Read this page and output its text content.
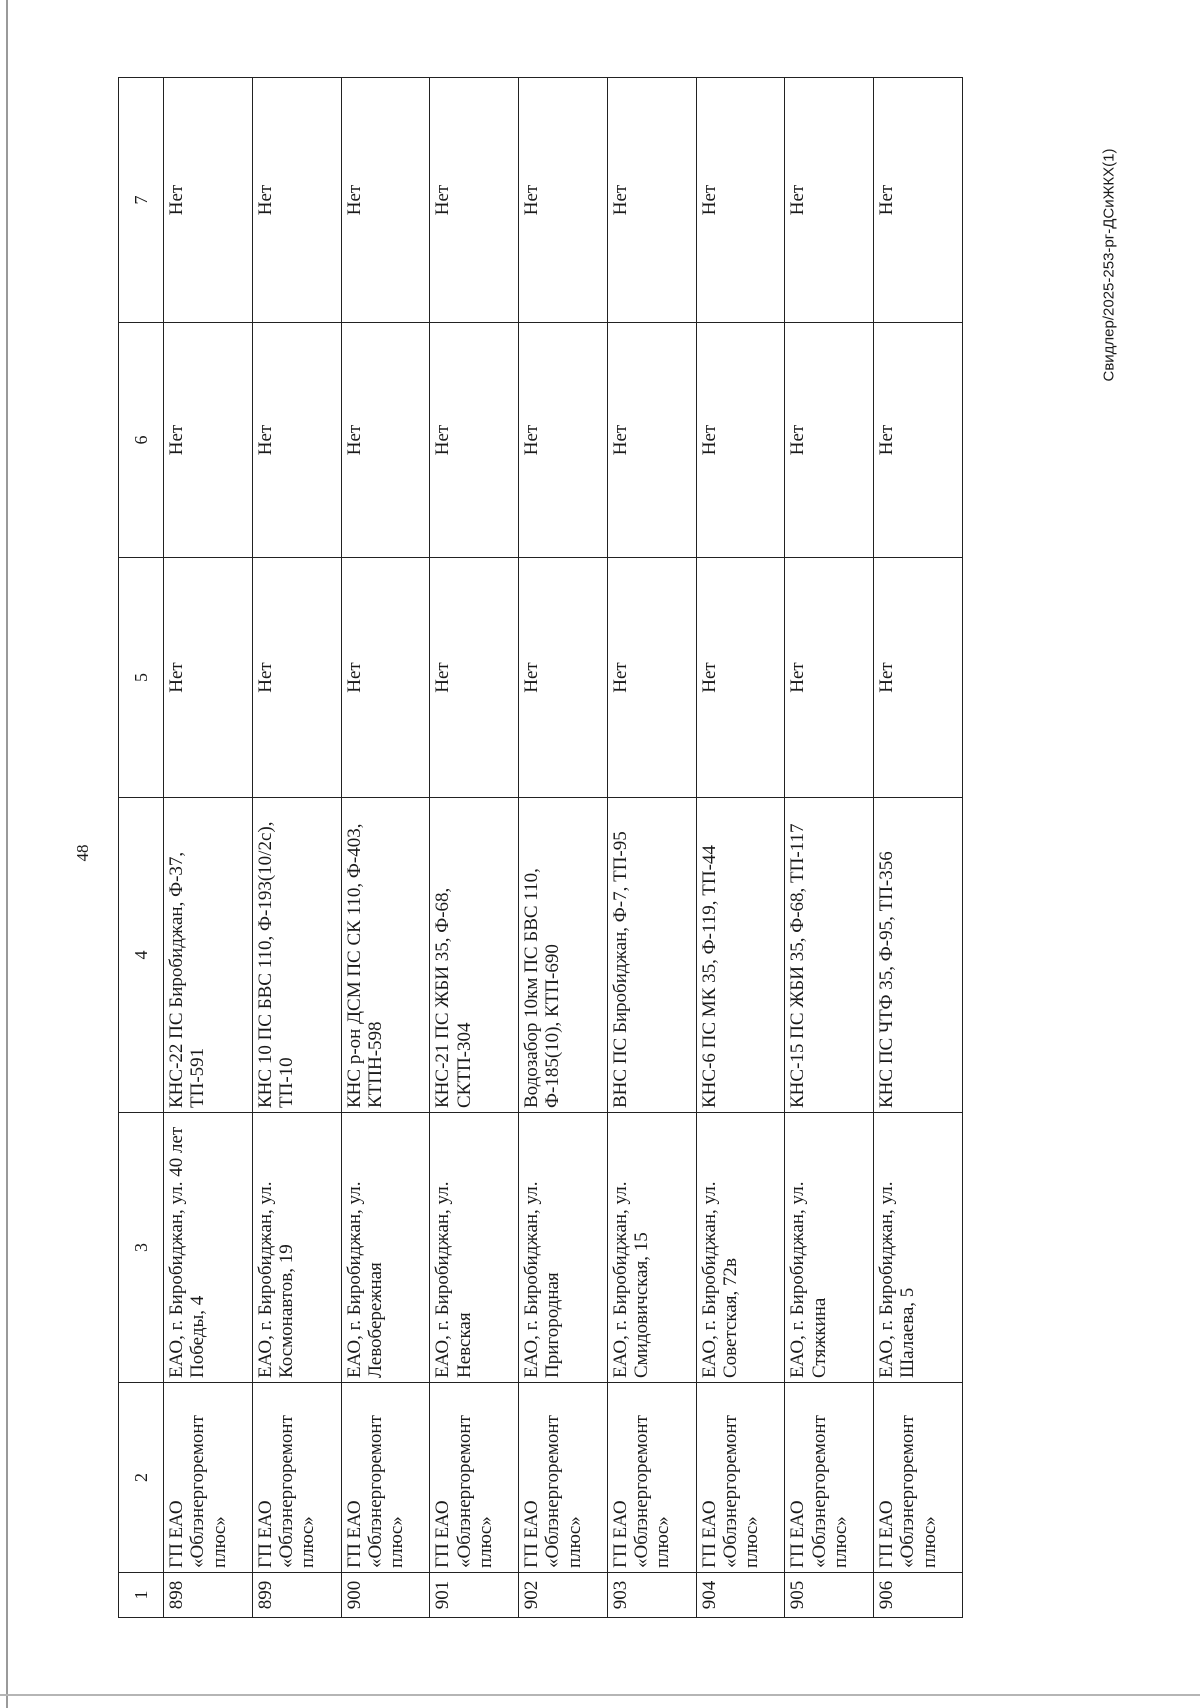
48
Свидлер/2025-253-рг-ДСиЖКХ(1)
1	2	3	4	5	6	7
898	ГП ЕАО «Облэнергоремонт плюс»	ЕАО, г. Биробиджан, ул. 40 лет Победы, 4	КНС-22 ПС Биробиджан, Ф-37, ТП-591	Нет	Нет	Нет
899	ГП ЕАО «Облэнергоремонт плюс»	ЕАО, г. Биробиджан, ул. Космонавтов, 19	КНС 10 ПС БВС 110, Ф-193(10/2с), ТП-10	Нет	Нет	Нет
900	ГП ЕАО «Облэнергоремонт плюс»	ЕАО, г. Биробиджан, ул. Левобережная	КНС р-он ДСМ ПС СК 110, Ф-403, КТПН-598	Нет	Нет	Нет
901	ГП ЕАО «Облэнергоремонт плюс»	ЕАО, г. Биробиджан, ул. Невская	КНС-21 ПС ЖБИ 35, Ф-68, СКТП-304	Нет	Нет	Нет
902	ГП ЕАО «Облэнергоремонт плюс»	ЕАО, г. Биробиджан, ул. Пригородная	Водозабор 10км ПС БВС 110, Ф-185(10), КТП-690	Нет	Нет	Нет
903	ГП ЕАО «Облэнергоремонт плюс»	ЕАО, г. Биробиджан, ул. Смидовичская, 15	ВНС ПС Биробиджан, Ф-7, ТП-95	Нет	Нет	Нет
904	ГП ЕАО «Облэнергоремонт плюс»	ЕАО, г. Биробиджан, ул. Советская, 72в	КНС-6 ПС МК 35, Ф-119, ТП-44	Нет	Нет	Нет
905	ГП ЕАО «Облэнергоремонт плюс»	ЕАО, г. Биробиджан, ул. Стяжкина	КНС-15 ПС ЖБИ 35, Ф-68, ТП-117	Нет	Нет	Нет
906	ГП ЕАО «Облэнергоремонт плюс»	ЕАО, г. Биробиджан, ул. Шалаева, 5	КНС ПС ЧТФ 35, Ф-95, ТП-356	Нет	Нет	Нет
